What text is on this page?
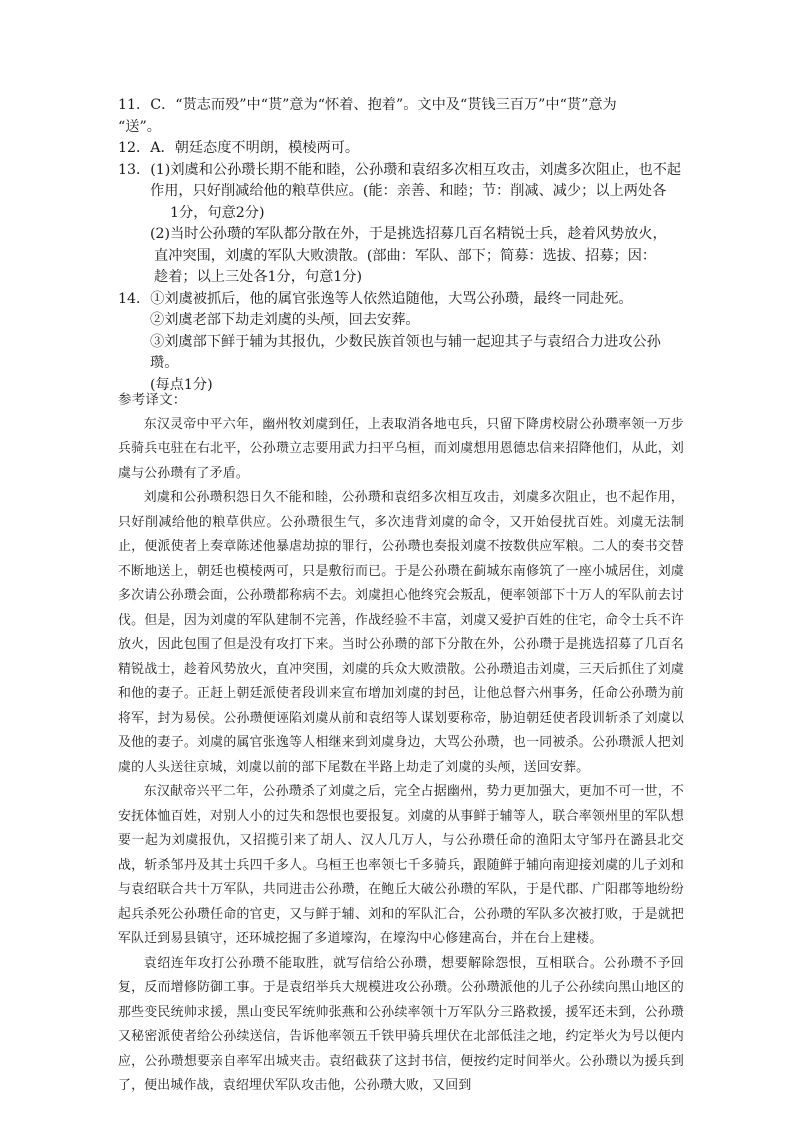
11．C．“贳志而殁”中“贳”意为“怀着、抱着”。文中及“贳钱三百万”中“贳”意为

“送”。

12．A．朝廷态度不明朗，模棱两可。

13．(1)刘虞和公孙瓒长期不能和睦，公孙瓒和袁绍多次相互攻击，刘虞多次阻止，也不起

作用，只好削减给他的粮草供应。(能：亲善、和睦；节：削减、减少；以上两处各

1分，句意2分)

(2)当时公孙瓒的军队都分散在外，于是挑选招募几百名精锐士兵，趁着风势放火，

直冲突围，刘虞的军队大败溃散。(部曲：军队、部下；简募：选拔、招募；因：

趁着；以上三处各1分，句意1分)

14．①刘虞被抓后，他的属官张逸等人依然追随他，大骂公孙瓒，最终一同赴死。

②刘虞老部下劫走刘虞的头颅，回去安葬。

③刘虞部下鲜于辅为其报仇，少数民族首领也与辅一起迎其子与袁绍合力进攻公孙瓒。

(每点1分)

参考译文：

东汉灵帝中平六年，幽州牧刘虞到任，上表取消各地屯兵，只留下降虏校尉公孙瓒率领一万步兵骑兵屯驻在右北平，公孙瓒立志要用武力扫平乌桓，而刘虞想用恩德忠信来招降他们，从此，刘虞与公孙瓒有了矛盾。

刘虞和公孙瓒积怨日久不能和睦，公孙瓒和袁绍多次相互攻击，刘虞多次阻止，也不起作用，只好削减给他的粮草供应。公孙瓒很生气，多次违背刘虞的命令，又开始侵扰百姓。刘虞无法制止，便派使者上奏章陈述他暴虐劫掠的罪行，公孙瓒也奏报刘虞不按数供应军粮。二人的奏书交替不断地送上，朝廷也模棱两可，只是敷衍而已。于是公孙瓒在蓟城东南修筑了一座小城居住，刘虞多次请公孙瓒会面，公孙瓒都称病不去。刘虞担心他终究会叛乱，便率领部下十万人的军队前去讨伐。但是，因为刘虞的军队建制不完善，作战经验不丰富，刘虞又爱护百姓的住宅，命令士兵不许放火，因此包围了但是没有攻打下来。当时公孙瓒的部下分散在外，公孙瓒于是挑选招募了几百名精锐战士，趁着风势放火，直冲突围，刘虞的兵众大败溃散。公孙瓒追击刘虞，三天后抓住了刘虞和他的妻子。正赶上朝廷派使者段训来宣布增加刘虞的封邑，让他总督六州事务，任命公孙瓒为前将军，封为易侯。公孙瓒便诬陷刘虞从前和袁绍等人谋划要称帝，胁迫朝廷使者段训斩杀了刘虞以及他的妻子。刘虞的属官张逸等人相继来到刘虞身边，大骂公孙瓒，也一同被杀。公孙瓒派人把刘虞的人头送往京城，刘虞以前的部下尾数在半路上劫走了刘虞的头颅，送回安葬。

东汉献帝兴平二年，公孙瓒杀了刘虞之后，完全占据幽州，势力更加强大，更加不可一世，不安抚体恤百姓，对别人小的过失和怨恨也要报复。刘虞的从事鲜于辅等人，联合率领州里的军队想要一起为刘虞报仇，又招揽引来了胡人、汉人几万人，与公孙瓒任命的渔阳太守邹丹在潞县北交战，斩杀邹丹及其士兵四千多人。乌桓王也率领七千多骑兵，跟随鲜于辅向南迎接刘虞的儿子刘和与袁绍联合共十万军队，共同进击公孙瓒，在鲍丘大破公孙瓒的军队，于是代郡、广阳郡等地纷纷起兵杀死公孙瓒任命的官吏，又与鲜于辅、刘和的军队汇合，公孙瓒的军队多次被打败，于是就把军队迁到易县镇守，还环城挖掘了多道壕沟，在壕沟中心修建高台，并在台上建楼。

袁绍连年攻打公孙瓒不能取胜，就写信给公孙瓒，想要解除怨恨，互相联合。公孙瓒不予回复，反而增修防御工事。于是袁绍举兵大规模进攻公孙瓒。公孙瓒派他的儿子公孙续向黑山地区的那些变民统帅求援，黑山变民军统帅张燕和公孙续率领十万军队分三路救援，援军还未到，公孙瓒又秘密派使者给公孙续送信，告诉他率领五千铁甲骑兵埋伏在北部低洼之地，约定举火为号以便内应，公孙瓒想要亲自率军出城夹击。袁绍截获了这封书信，便按约定时间举火。公孙瓒以为援兵到了，便出城作战，袁绍埋伏军队攻击他，公孙瓒大败，又回到
